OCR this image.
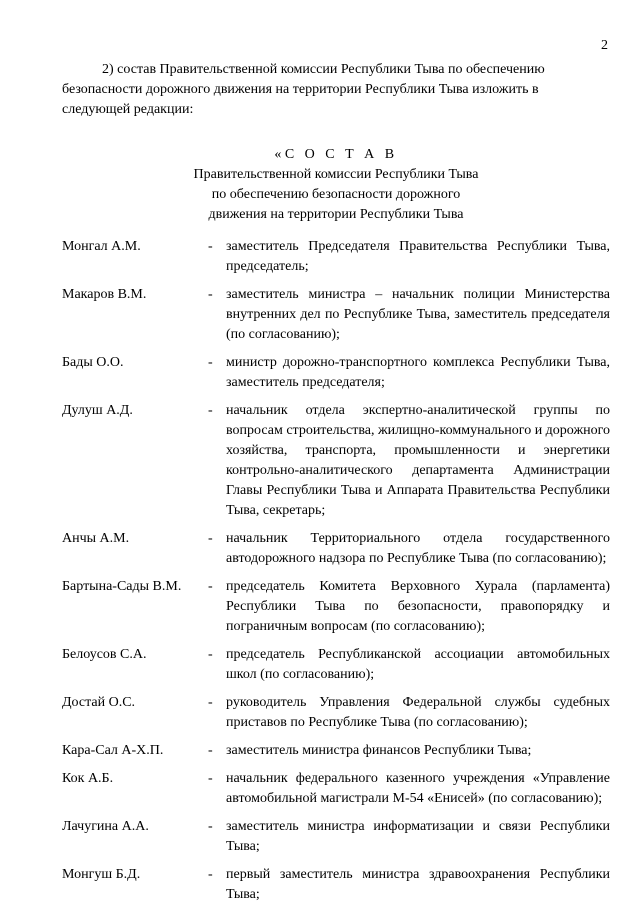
2
2) состав Правительственной комиссии Республики Тыва по обеспечению
безопасности дорожного движения на территории Республики Тыва изложить в
следующей редакции:
«С О С Т А В
Правительственной комиссии Республики Тыва
по обеспечению безопасности дорожного
движения на территории Республики Тыва
Монгал А.М.	- заместитель Председателя Правительства Республики Тыва, председатель;
Макаров В.М.	- заместитель министра – начальник полиции Министерства внутренних дел по Республике Тыва, заместитель председателя (по согласованию);
Бады О.О.	- министр дорожно-транспортного комплекса Республики Тыва, заместитель председателя;
Дулуш А.Д.	- начальник отдела экспертно-аналитической группы по вопросам строительства, жилищно-коммунального и дорожного хозяйства, транспорта, промышленности и энергетики контрольно-аналитического департамента Администрации Главы Республики Тыва и Аппарата Правительства Республики Тыва, секретарь;
Анчы А.М.	- начальник Территориального отдела государственного автодорожного надзора по Республике Тыва (по согласованию);
Бартына-Сады В.М.	- председатель Комитета Верховного Хурала (парламента) Республики Тыва по безопасности, правопорядку и пограничным вопросам (по согласованию);
Белоусов С.А.	- председатель Республиканской ассоциации автомобильных школ (по согласованию);
Достай О.С.	- руководитель Управления Федеральной службы судебных приставов по Республике Тыва (по согласованию);
Кара-Сал А-Х.П.	- заместитель министра финансов Республики Тыва;
Кок А.Б.	- начальник федерального казенного учреждения «Управление автомобильной магистрали М-54 «Енисей» (по согласованию);
Лачугина А.А.	- заместитель министра информатизации и связи Республики Тыва;
Монгуш Б.Д.	- первый заместитель министра здравоохранения Республики Тыва;
